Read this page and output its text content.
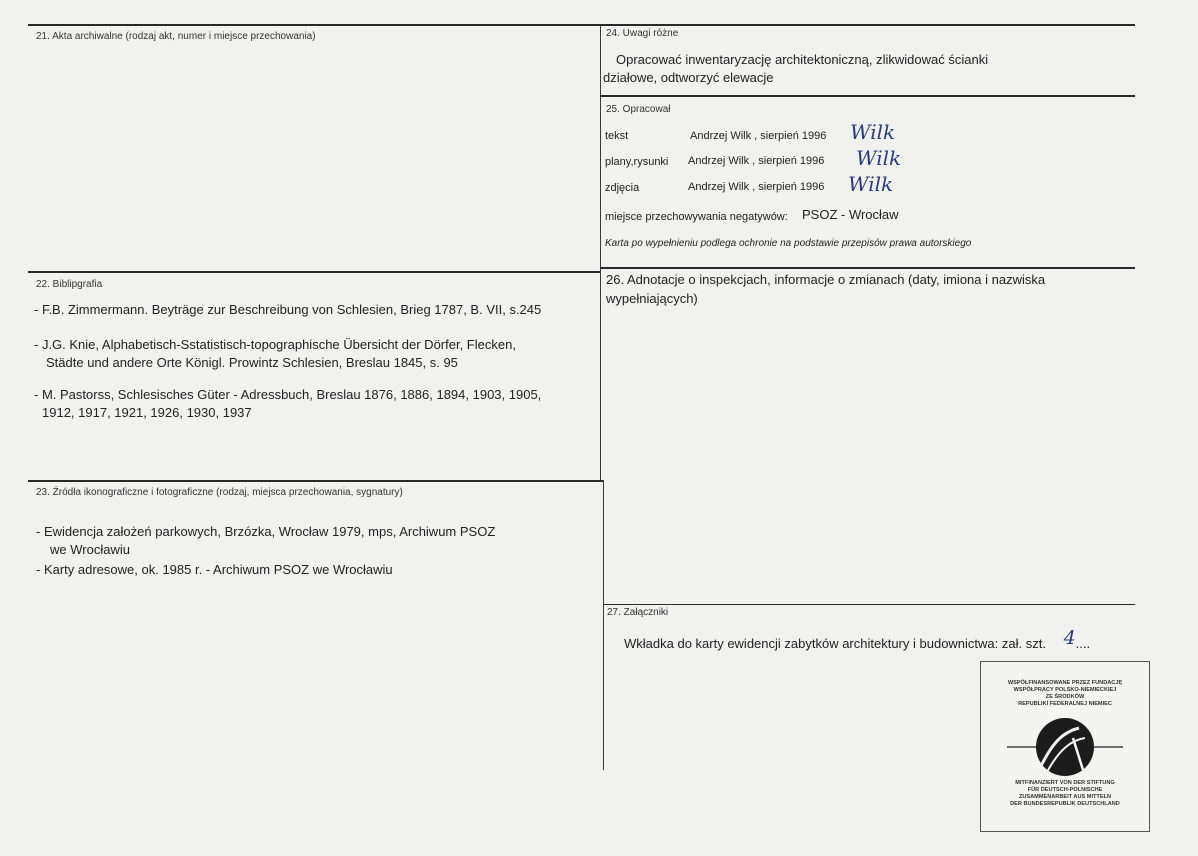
21. Akta archiwalne (rodzaj akt, numer i miejsce przechowania)	24. Uwagi różne
Opracować inwentaryzację architektoniczną, zlikwidować ścianki
działowe, odtworzyć elewacje
25. Opracował
tekst	Andrzej Wilk , sierpień 1996 Wilk
plany,rysunki Andrzej Wilk , sierpień 1996 Wilk
zdjęcia	Andrzej Wilk , sierpień 1996 Wilk
miejsce przechowywania negatywów: PSOZ - Wrocław
Karta po wypełnieniu podlega ochronie na podstawie przepisów prawa autorskiego
22. Biblipgrafia
- F.B. Zimmermann. Beyträge zur Beschreibung von Schlesien, Brieg 1787, B. VII, s.245
- J.G. Knie, Alphabetisch-Sstatistisch-topographische Übersicht der Dörfer, Flecken,
Städte und andere Orte Königl. Prowintz Schlesien, Breslau 1845, s. 95
- M. Pastorss, Schlesisches Güter - Adressbuch, Breslau 1876, 1886, 1894, 1903, 1905,
1912, 1917, 1921, 1926, 1930, 1937
26. Adnotacje o inspekcjach, informacje o zmianach (daty, imiona i nazwiska
wypełniających)
23. Źródła ikonograficzne i fotograficzne (rodzaj, miejsca przechowania, sygnatury)
- Ewidencja założeń parkowych, Brzózka, Wrocław 1979, mps, Archiwum PSOZ
we Wrocławiu
- Karty adresowe, ok. 1985 r. - Archiwum PSOZ we Wrocławiu
27. Załączniki
Wkładka do karty ewidencji zabytków architektury i budownictwa: zał. szt. 4....
WSPÓŁFINANSOWANE PRZEZ FUNDACJĘ
WSPÓŁPRACY POLSKO-NIEMIECKIEJ
ZE ŚRODKÓW
REPUBLIKI FEDERALNEJ NIEMIEC
MITFINANZIERT VON DER STIFTUNG
FÜR DEUTSCH-POLNISCHE
ZUSAMMENARBEIT AUS MITTELN
DER BUNDESREPUBLIK DEUTSCHLAND
